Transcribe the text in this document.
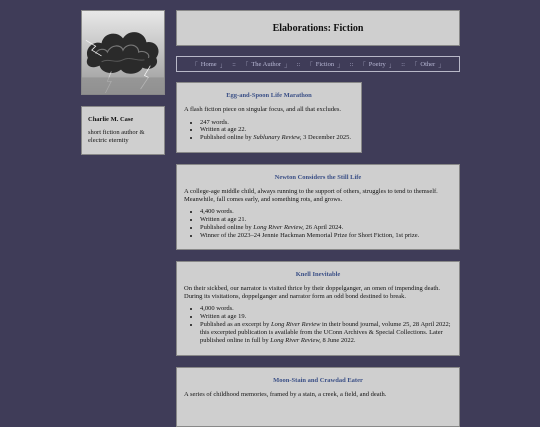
Charlie M. Case
short fiction author & electric eternity
Elaborations: Fiction
「 Home 」 :: 「 The Author 」 :: 「 Fiction 」 :: 「 Poetry 」 :: 「 Other 」
Egg-and-Spoon Life Marathon

A flash fiction piece on singular focus, and all that excludes.

• 247 words.
• Written at age 22.
• Published online by Sublunary Review, 3 December 2025.
Newton Considers the Still Life

A college-age middle child, always running to the support of others, struggles to tend to themself. Meanwhile, fall comes early, and something rots, and grows.

• 4,400 words.
• Written at age 21.
• Published online by Long River Review, 26 April 2024.
• Winner of the 2023–24 Jennie Hackman Memorial Prize for Short Fiction, 1st prize.
Knell Inevitable

On their sickbed, our narrator is visited thrice by their doppelganger, an omen of impending death. During its visitations, doppelganger and narrator form an odd bond destined to break.

• 4,000 words.
• Written at age 19.
• Published as an excerpt by Long River Review in their bound journal, volume 25, 28 April 2022; this excerpted publication is available from the UConn Archives & Special Collections. Later published online in full by Long River Review, 8 June 2022.
Moon-Stain and Crawdad Eater

A series of childhood memories, framed by a stain, a creek, a field, and death.
